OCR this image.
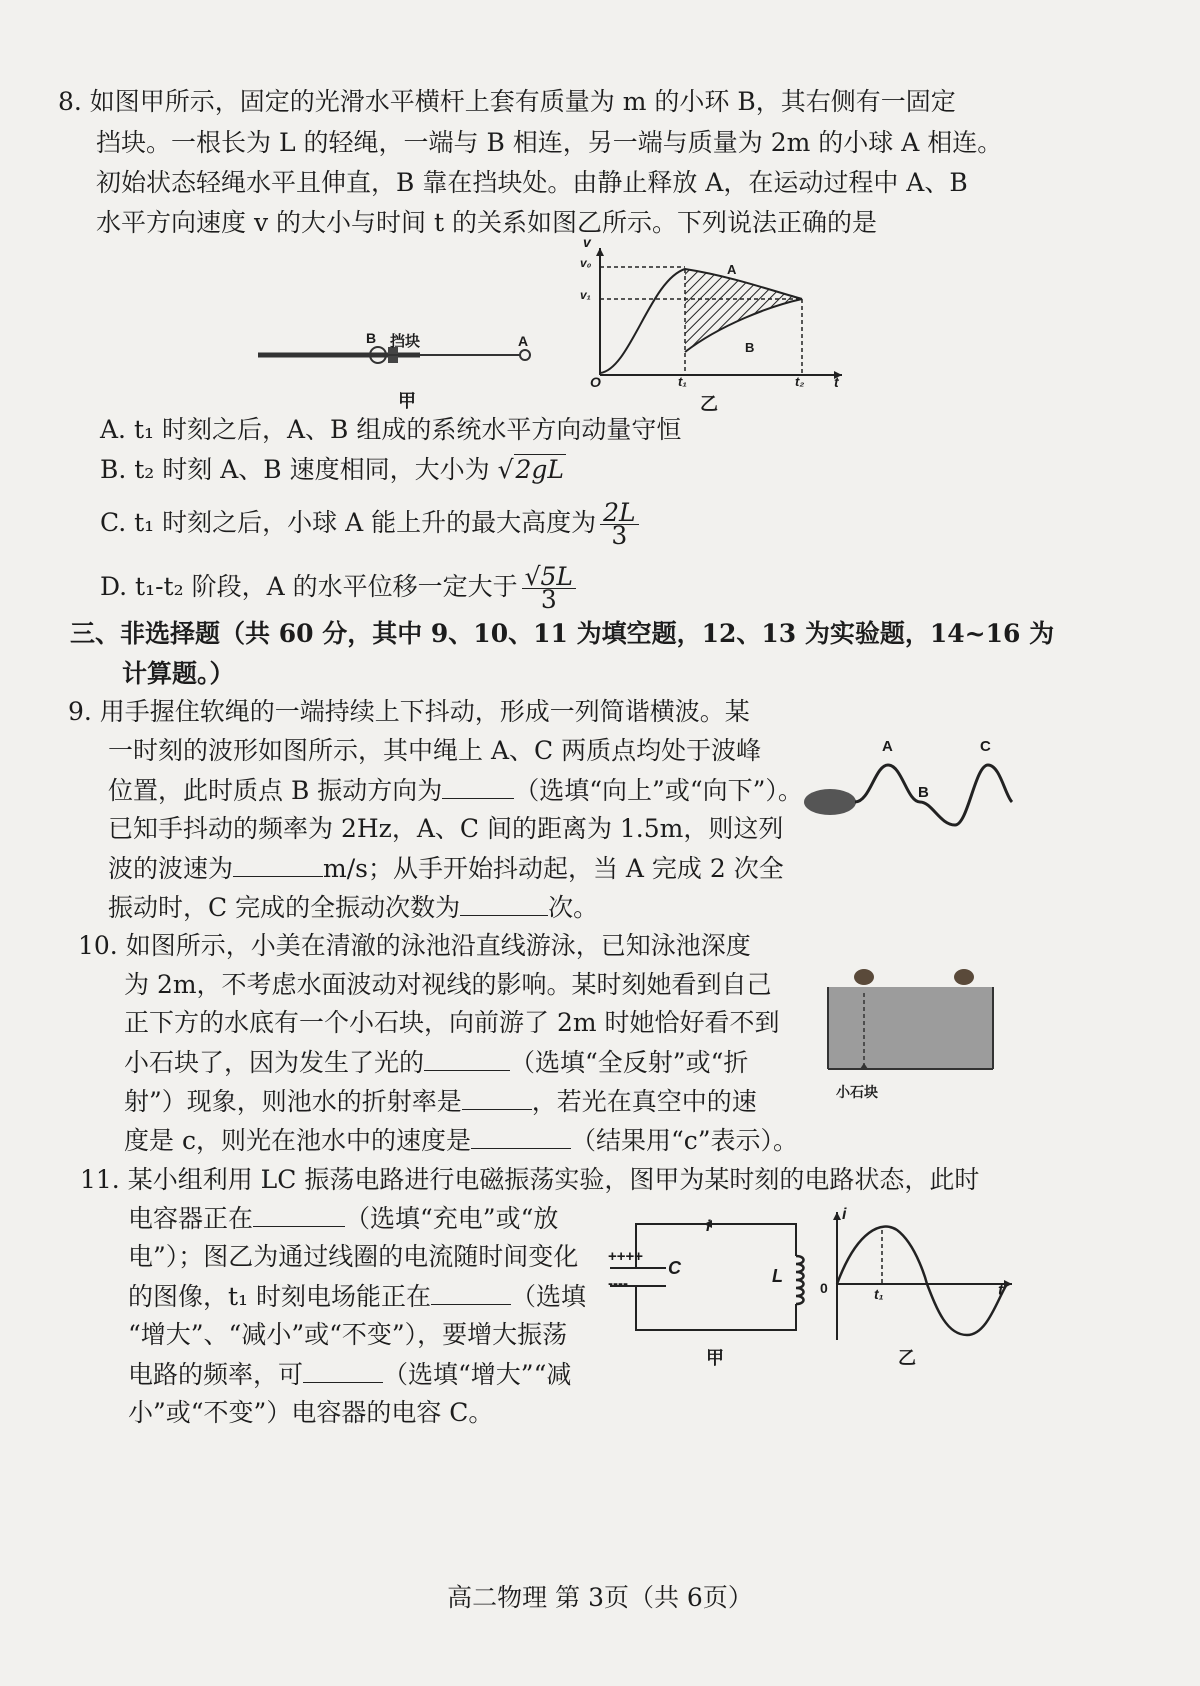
8. 如图甲所示，固定的光滑水平横杆上套有质量为 m 的小环 B，其右侧有一固定
挡块。一根长为 L 的轻绳，一端与 B 相连，另一端与质量为 2m 的小球 A 相连。
初始状态轻绳水平且伸直，B 靠在挡块处。由静止释放 A，在运动过程中 A、B
水平方向速度 v 的大小与时间 t 的关系如图乙所示。下列说法正确的是
B 挡块	A
甲
v
v₀
v₁
O	t₁	t₂ t
A
B
乙
A. t₁ 时刻之后，A、B 组成的系统水平方向动量守恒
B. t₂ 时刻 A、B 速度相同，大小为 √2gL
C. t₁ 时刻之后，小球 A 能上升的最大高度为 $\frac{2L}{3}$
D. t₁-t₂ 阶段，A 的水平位移一定大于 $\frac{√5L}{3}$
三、非选择题（共 60 分，其中 9、10、11 为填空题，12、13 为实验题，14~16 为
计算题。）
9. 用手握住软绳的一端持续上下抖动，形成一列简谐横波。某
一时刻的波形如图所示，其中绳上 A、C 两质点均处于波峰
位置，此时质点 B 振动方向为	（选填“向上”或“向下”）。
已知手抖动的频率为 2Hz，A、C 间的距离为 1.5m，则这列
波的波速为	m/s；从手开始抖动起，当 A 完成 2 次全
振动时，C 完成的全振动次数为	次。
A
B
C
10. 如图所示，小美在清澈的泳池沿直线游泳，已知泳池深度
为 2m，不考虑水面波动对视线的影响。某时刻她看到自己
正下方的水底有一个小石块，向前游了 2m 时她恰好看不到
小石块了，因为发生了光的	（选填“全反射”或“折
射”）现象，则池水的折射率是	，若光在真空中的速
度是 c，则光在池水中的速度是	（结果用“c”表示）。
小石块
11. 某小组利用 LC 振荡电路进行电磁振荡实验，图甲为某时刻的电路状态，此时
电容器正在	（选填“充电”或“放
电”）；图乙为通过线圈的电流随时间变化
的图像，t₁ 时刻电场能正在	（选填
“增大”、“减小”或“不变”），要增大振荡
电路的频率，可	（选填“增大”“减
小”或“不变”）电容器的电容 C。
i
++++
----
C	L
甲
i
0	t₁	t
乙
高二物理 第 3页（共 6页）
